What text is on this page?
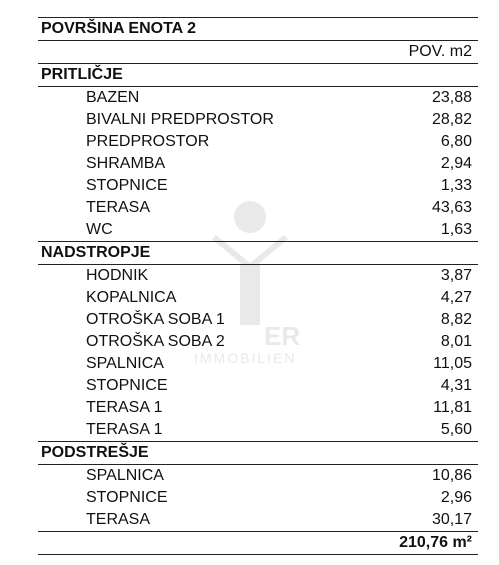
ER
IMMOBILIEN
POVRŠINA ENOTA 2
POV. m2
PRITLIČJE
BAZEN	23,88
BIVALNI PREDPROSTOR	28,82
PREDPROSTOR	6,80
SHRAMBA	2,94
STOPNICE	1,33
TERASA	43,63
WC	1,63
NADSTROPJE
HODNIK	3,87
KOPALNICA	4,27
OTROŠKA SOBA 1	8,82
OTROŠKA SOBA 2	8,01
SPALNICA	11,05
STOPNICE	4,31
TERASA 1	11,81
TERASA 1	5,60
PODSTREŠJE
SPALNICA	10,86
STOPNICE	2,96
TERASA	30,17
210,76 m²
